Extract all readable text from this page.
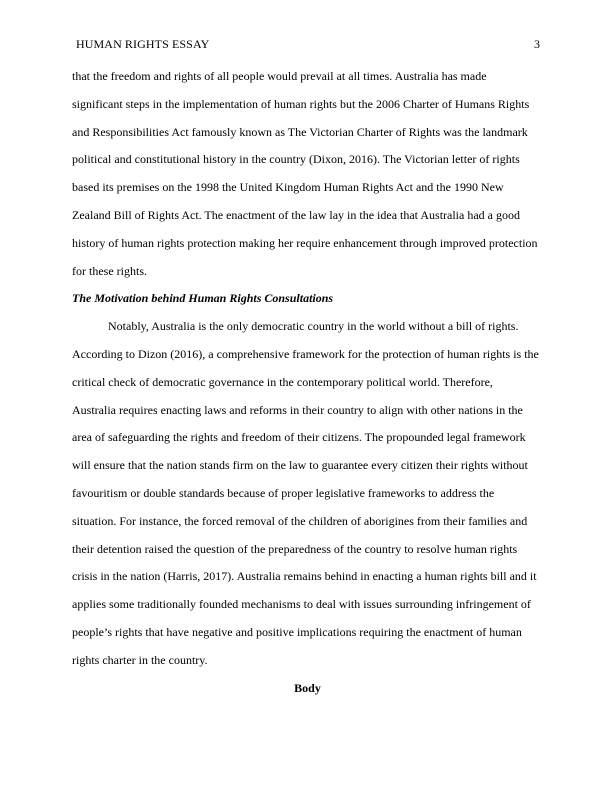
HUMAN RIGHTS ESSAY	3
that the freedom and rights of all people would prevail at all times. Australia has made
significant steps in the implementation of human rights but the 2006 Charter of Humans Rights
and Responsibilities Act famously known as The Victorian Charter of Rights was the landmark
political and constitutional history in the country (Dixon, 2016). The Victorian letter of rights
based its premises on the 1998 the United Kingdom Human Rights Act and the 1990 New
Zealand Bill of Rights Act. The enactment of the law lay in the idea that Australia had a good
history of human rights protection making her require enhancement through improved protection
for these rights.
The Motivation behind Human Rights Consultations
Notably, Australia is the only democratic country in the world without a bill of rights.
According to Dizon (2016), a comprehensive framework for the protection of human rights is the
critical check of democratic governance in the contemporary political world. Therefore,
Australia requires enacting laws and reforms in their country to align with other nations in the
area of safeguarding the rights and freedom of their citizens. The propounded legal framework
will ensure that the nation stands firm on the law to guarantee every citizen their rights without
favouritism or double standards because of proper legislative frameworks to address the
situation. For instance, the forced removal of the children of aborigines from their families and
their detention raised the question of the preparedness of the country to resolve human rights
crisis in the nation (Harris, 2017). Australia remains behind in enacting a human rights bill and it
applies some traditionally founded mechanisms to deal with issues surrounding infringement of
people’s rights that have negative and positive implications requiring the enactment of human
rights charter in the country.
Body
